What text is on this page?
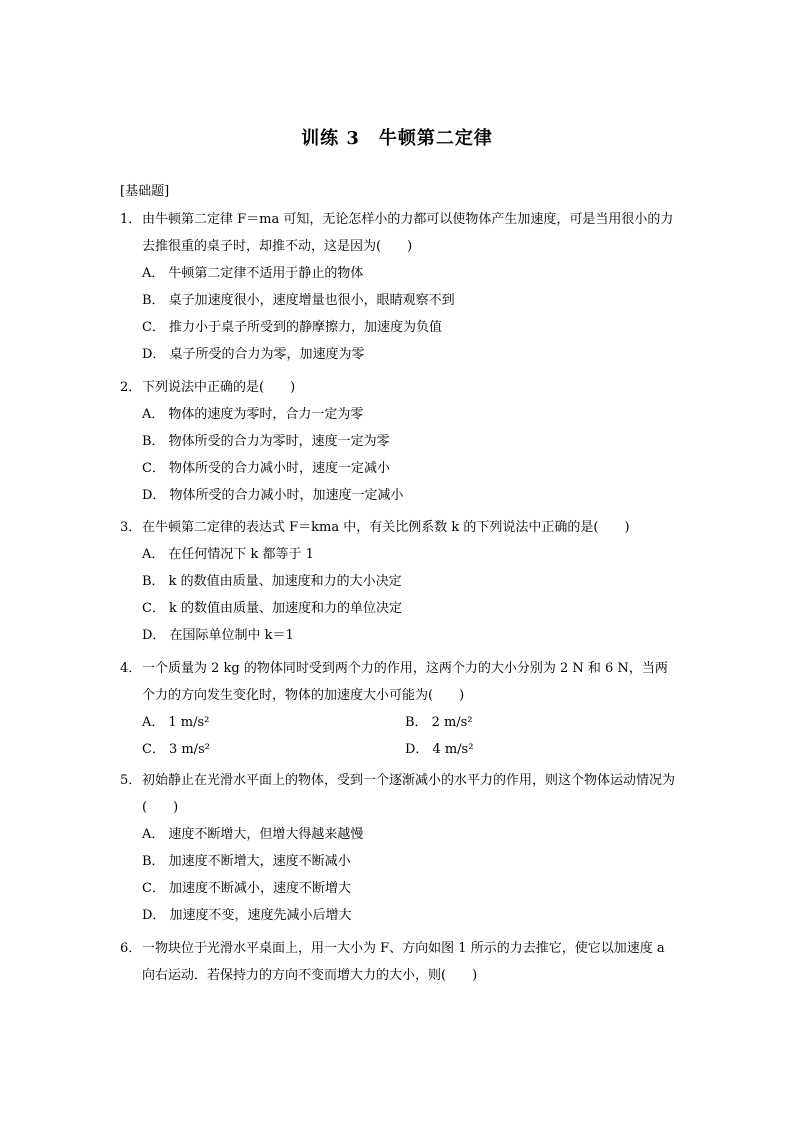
训练 3　牛顿第二定律
[基础题]
1． 由牛顿第二定律 F＝ma 可知，无论怎样小的力都可以使物体产生加速度，可是当用很小的力去推很重的桌子时，却推不动，这是因为(　　)
A． 牛顿第二定律不适用于静止的物体
B． 桌子加速度很小，速度增量也很小，眼睛观察不到
C． 推力小于桌子所受到的静摩擦力，加速度为负值
D． 桌子所受的合力为零，加速度为零
2． 下列说法中正确的是(　　)
A． 物体的速度为零时，合力一定为零
B． 物体所受的合力为零时，速度一定为零
C． 物体所受的合力减小时，速度一定减小
D． 物体所受的合力减小时，加速度一定减小
3． 在牛顿第二定律的表达式 F＝kma 中，有关比例系数 k 的下列说法中正确的是(　　)
A． 在任何情况下 k 都等于 1
B． k 的数值由质量、加速度和力的大小决定
C． k 的数值由质量、加速度和力的单位决定
D． 在国际单位制中 k＝1
4． 一个质量为 2 kg 的物体同时受到两个力的作用，这两个力的大小分别为 2 N 和 6 N，当两个力的方向发生变化时，物体的加速度大小可能为(　　)
A． 1 m/s²	B． 2 m/s²
C． 3 m/s²	D． 4 m/s²
5． 初始静止在光滑水平面上的物体，受到一个逐渐减小的水平力的作用，则这个物体运动情况为(　　)
A． 速度不断增大，但增大得越来越慢
B． 加速度不断增大，速度不断减小
C． 加速度不断减小，速度不断增大
D． 加速度不变，速度先减小后增大
6． 一物块位于光滑水平桌面上，用一大小为 F、方向如图 1 所示的力去推它，使它以加速度 a 向右运动．若保持力的方向不变而增大力的大小，则(　　)
